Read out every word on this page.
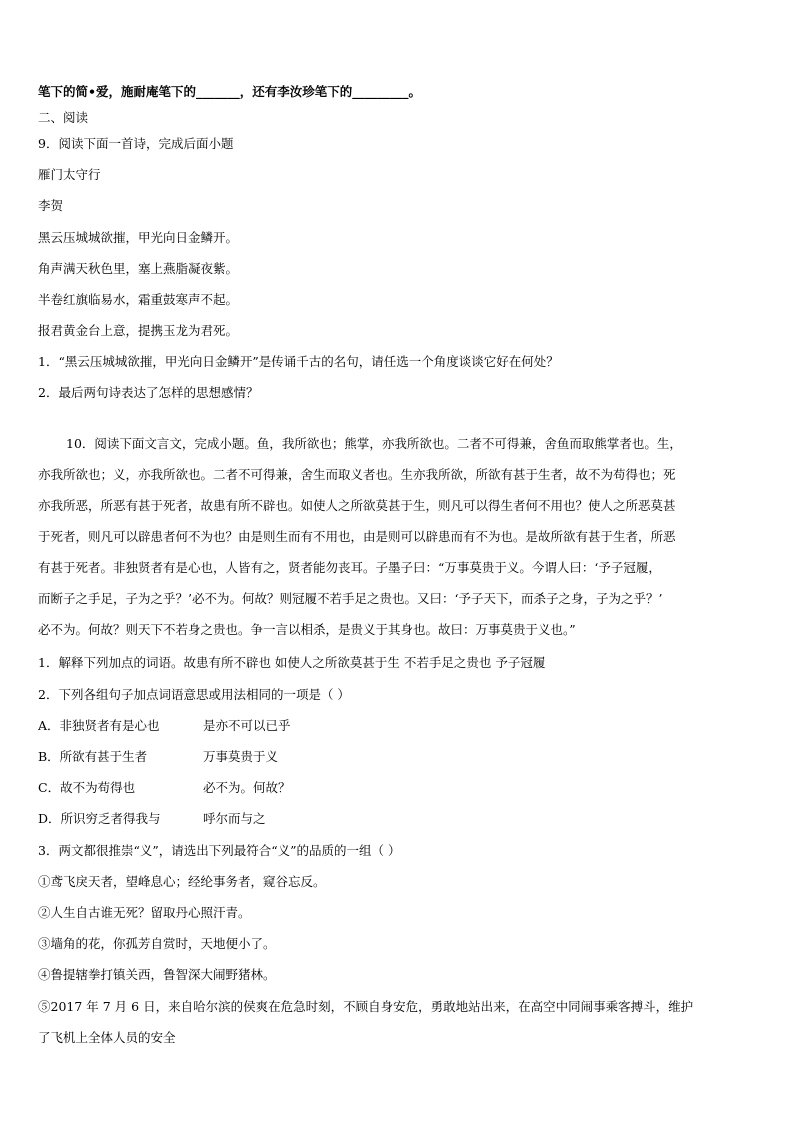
笔下的简•爱，施耐庵笔下的_______，还有李汝珍笔下的_________。
二、阅读
9．阅读下面一首诗，完成后面小题
雁门太守行
李贺
黑云压城城欲摧，甲光向日金鳞开。
角声满天秋色里，塞上燕脂凝夜紫。
半卷红旗临易水，霜重鼓寒声不起。
报君黄金台上意，提携玉龙为君死。
1．“黑云压城城欲摧，甲光向日金鳞开”是传诵千古的名句，请任选一个角度谈谈它好在何处？
2．最后两句诗表达了怎样的思想感情？
10．阅读下面文言文，完成小题。鱼，我所欲也；熊掌，亦我所欲也。二者不可得兼，舍鱼而取熊掌者也。生，
亦我所欲也；义，亦我所欲也。二者不可得兼，舍生而取义者也。生亦我所欲，所欲有甚于生者，故不为苟得也；死
亦我所恶，所恶有甚于死者，故患有所不辟也。如使人之所欲莫甚于生，则凡可以得生者何不用也？使人之所恶莫甚
于死者，则凡可以辟患者何不为也？由是则生而有不用也，由是则可以辟患而有不为也。是故所欲有甚于生者，所恶
有甚于死者。非独贤者有是心也，人皆有之，贤者能勿丧耳。子墨子曰：“万事莫贵于义。今谓人曰：‘予子冠履，
而断子之手足，子为之乎？’必不为。何故？则冠履不若手足之贵也。又曰：‘予子天下，而杀子之身，子为之乎？’
必不为。何故？则天下不若身之贵也。争一言以相杀，是贵义于其身也。故曰：万事莫贵于义也。”
1．解释下列加点的词语。故患有所不辟也 如使人之所欲莫甚于生 不若手足之贵也 予子冠履
2．下列各组句子加点词语意思或用法相同的一项是（ ）
A．非独贤者有是心也	是亦不可以已乎
B．所欲有甚于生者	万事莫贵于义
C．故不为苟得也	必不为。何故？
D．所识穷乏者得我与	呼尔而与之
3．两文都很推崇“义”，请选出下列最符合“义”的品质的一组（ ）
①鸢飞戾天者，望峰息心；经纶事务者，窥谷忘反。
②人生自古谁无死？留取丹心照汗青。
③墙角的花，你孤芳自赏时，天地便小了。
④鲁提辖拳打镇关西，鲁智深大闹野猪林。
⑤2017 年 7 月 6 日，来自哈尔滨的侯爽在危急时刻，不顾自身安危，勇敢地站出来，在高空中同闹事乘客搏斗，维护
了飞机上全体人员的安全
